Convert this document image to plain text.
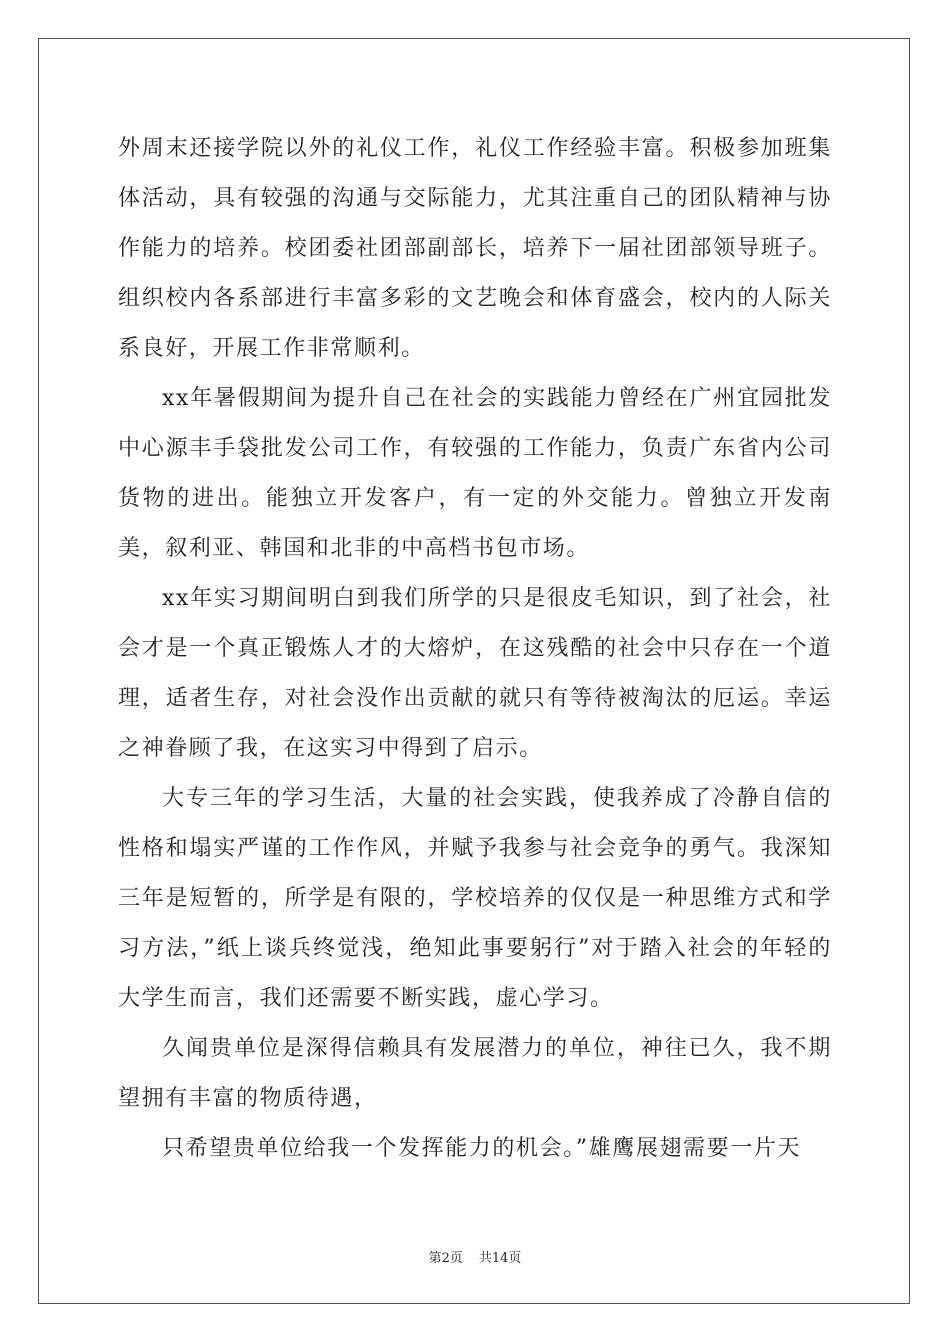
外周末还接学院以外的礼仪工作，礼仪工作经验丰富。积极参加班集体活动，具有较强的沟通与交际能力，尤其注重自己的团队精神与协作能力的培养。校团委社团部副部长，培养下一届社团部领导班子。组织校内各系部进行丰富多彩的文艺晚会和体育盛会，校内的人际关系良好，开展工作非常顺利。

xx年暑假期间为提升自己在社会的实践能力曾经在广州宜园批发中心源丰手袋批发公司工作，有较强的工作能力，负责广东省内公司货物的进出。能独立开发客户，有一定的外交能力。曾独立开发南美，叙利亚、韩国和北非的中高档书包市场。

xx年实习期间明白到我们所学的只是很皮毛知识，到了社会，社会才是一个真正锻炼人才的大熔炉，在这残酷的社会中只存在一个道理，适者生存，对社会没作出贡献的就只有等待被淘汰的厄运。幸运之神眷顾了我，在这实习中得到了启示。

大专三年的学习生活，大量的社会实践，使我养成了冷静自信的性格和塌实严谨的工作作风，并赋予我参与社会竞争的勇气。我深知三年是短暂的，所学是有限的，学校培养的仅仅是一种思维方式和学习方法，”纸上谈兵终觉浅，绝知此事要躬行”对于踏入社会的年轻的大学生而言，我们还需要不断实践，虚心学习。

久闻贵单位是深得信赖具有发展潜力的单位，神往已久，我不期望拥有丰富的物质待遇，

只希望贵单位给我一个发挥能力的机会。”雄鹰展翅需要一片天

第2页 共14页
